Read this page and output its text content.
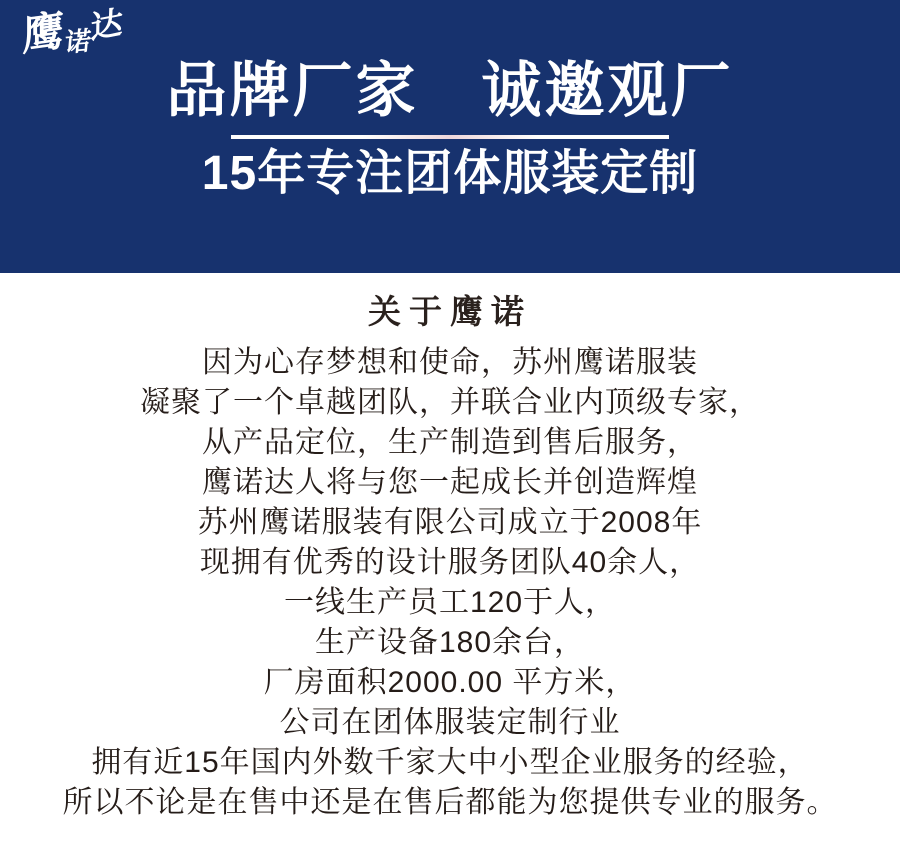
鹰 诺 达
品牌厂家　诚邀观厂
15年专注团体服装定制
关于鹰诺
因为心存梦想和使命，苏州鹰诺服装
凝聚了一个卓越团队，并联合业内顶级专家，
从产品定位，生产制造到售后服务，
鹰诺达人将与您一起成长并创造辉煌
苏州鹰诺服装有限公司成立于2008年
现拥有优秀的设计服务团队40余人，
一线生产员工120于人，
生产设备180余台，
厂房面积2000.00 平方米，
公司在团体服装定制行业
拥有近15年国内外数千家大中小型企业服务的经验，
所以不论是在售中还是在售后都能为您提供专业的服务。
